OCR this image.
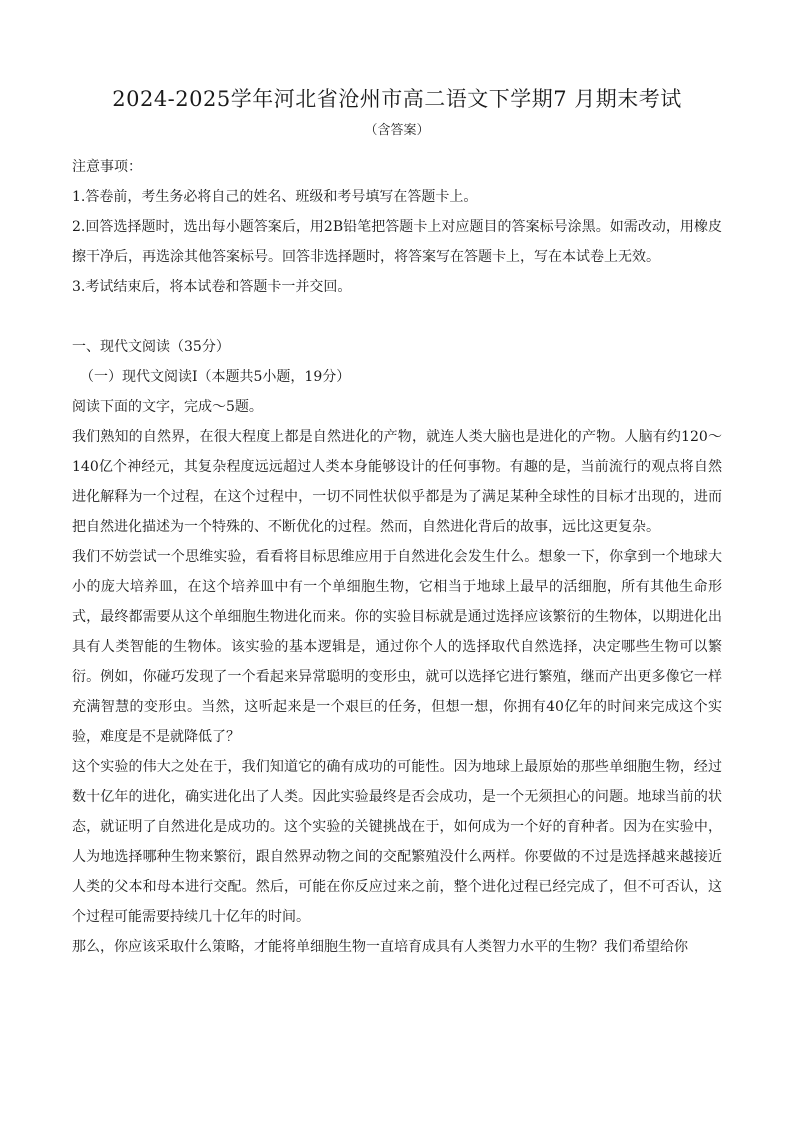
2024-2025学年河北省沧州市高二语文下学期7 月期末考试
（含答案）

注意事项：

1.答卷前，考生务必将自己的姓名、班级和考号填写在答题卡上。

2.回答选择题时，选出每小题答案后，用2B铅笔把答题卡上对应题目的答案标号涂黑。如需改动，用橡皮擦干净后，再选涂其他答案标号。回答非选择题时，将答案写在答题卡上，写在本试卷上无效。

3.考试结束后，将本试卷和答题卡一并交回。

一、现代文阅读（35分）

（一）现代文阅读Ⅰ（本题共5小题，19分）

阅读下面的文字，完成～5题。

我们熟知的自然界，在很大程度上都是自然进化的产物，就连人类大脑也是进化的产物。人脑有约120～140亿个神经元，其复杂程度远远超过人类本身能够设计的任何事物。有趣的是，当前流行的观点将自然进化解释为一个过程，在这个过程中，一切不同性状似乎都是为了满足某种全球性的目标才出现的，进而把自然进化描述为一个特殊的、不断优化的过程。然而，自然进化背后的故事，远比这更复杂。

我们不妨尝试一个思维实验，看看将目标思维应用于自然进化会发生什么。想象一下，你拿到一个地球大小的庞大培养皿，在这个培养皿中有一个单细胞生物，它相当于地球上最早的活细胞，所有其他生命形式，最终都需要从这个单细胞生物进化而来。你的实验目标就是通过选择应该繁衍的生物体，以期进化出具有人类智能的生物体。该实验的基本逻辑是，通过你个人的选择取代自然选择，决定哪些生物可以繁衍。例如，你碰巧发现了一个看起来异常聪明的变形虫，就可以选择它进行繁殖，继而产出更多像它一样充满智慧的变形虫。当然，这听起来是一个艰巨的任务，但想一想，你拥有40亿年的时间来完成这个实验，难度是不是就降低了？

这个实验的伟大之处在于，我们知道它的确有成功的可能性。因为地球上最原始的那些单细胞生物，经过数十亿年的进化，确实进化出了人类。因此实验最终是否会成功，是一个无须担心的问题。地球当前的状态，就证明了自然进化是成功的。这个实验的关键挑战在于，如何成为一个好的育种者。因为在实验中，人为地选择哪种生物来繁衍，跟自然界动物之间的交配繁殖没什么两样。你要做的不过是选择越来越接近人类的父本和母本进行交配。然后，可能在你反应过来之前，整个进化过程已经完成了，但不可否认，这个过程可能需要持续几十亿年的时间。

那么，你应该采取什么策略，才能将单细胞生物一直培育成具有人类智力水平的生物？我们希望给你
